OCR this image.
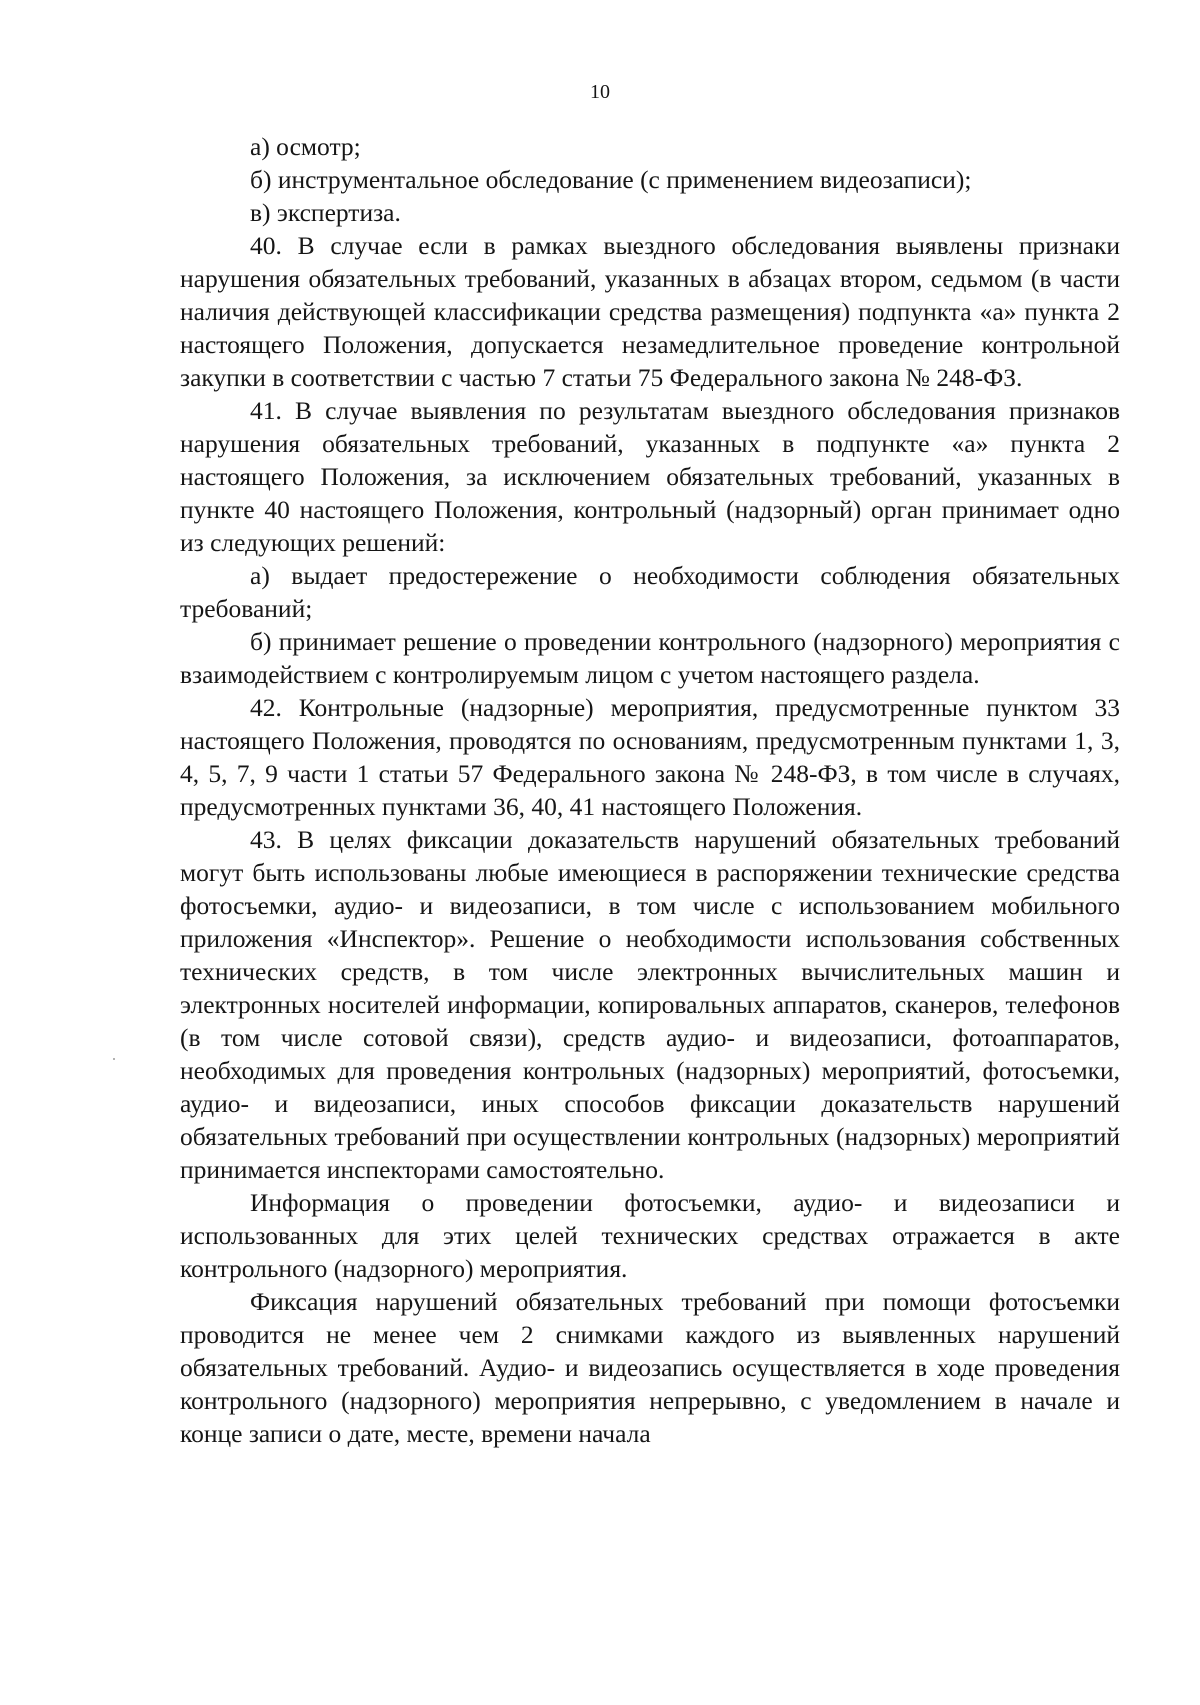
10

а) осмотр;

б) инструментальное обследование (с применением видеозаписи);

в) экспертиза.

40. В случае если в рамках выездного обследования выявлены признаки нарушения обязательных требований, указанных в абзацах втором, седьмом (в части наличия действующей классификации средства размещения) подпункта «а» пункта 2 настоящего Положения, допускается незамедлительное проведение контрольной закупки в соответствии с частью 7 статьи 75 Федерального закона № 248-ФЗ.

41. В случае выявления по результатам выездного обследования признаков нарушения обязательных требований, указанных в подпункте «а» пункта 2 настоящего Положения, за исключением обязательных требований, указанных в пункте 40 настоящего Положения, контрольный (надзорный) орган принимает одно из следующих решений:

а) выдает предостережение о необходимости соблюдения обязательных требований;

б) принимает решение о проведении контрольного (надзорного) мероприятия с взаимодействием с контролируемым лицом с учетом настоящего раздела.

42. Контрольные (надзорные) мероприятия, предусмотренные пунктом 33 настоящего Положения, проводятся по основаниям, предусмотренным пунктами 1, 3, 4, 5, 7, 9 части 1 статьи 57 Федерального закона № 248-ФЗ, в том числе в случаях, предусмотренных пунктами 36, 40, 41 настоящего Положения.

43. В целях фиксации доказательств нарушений обязательных требований могут быть использованы любые имеющиеся в распоряжении технические средства фотосъемки, аудио- и видеозаписи, в том числе с использованием мобильного приложения «Инспектор». Решение о необходимости использования собственных технических средств, в том числе электронных вычислительных машин и электронных носителей информации, копировальных аппаратов, сканеров, телефонов (в том числе сотовой связи), средств аудио- и видеозаписи, фотоаппаратов, необходимых для проведения контрольных (надзорных) мероприятий, фотосъемки, аудио- и видеозаписи, иных способов фиксации доказательств нарушений обязательных требований при осуществлении контрольных (надзорных) мероприятий принимается инспекторами самостоятельно.

Информация о проведении фотосъемки, аудио- и видеозаписи и использованных для этих целей технических средствах отражается в акте контрольного (надзорного) мероприятия.

Фиксация нарушений обязательных требований при помощи фотосъемки проводится не менее чем 2 снимками каждого из выявленных нарушений обязательных требований. Аудио- и видеозапись осуществляется в ходе проведения контрольного (надзорного) мероприятия непрерывно, с уведомлением в начале и конце записи о дате, месте, времени начала
